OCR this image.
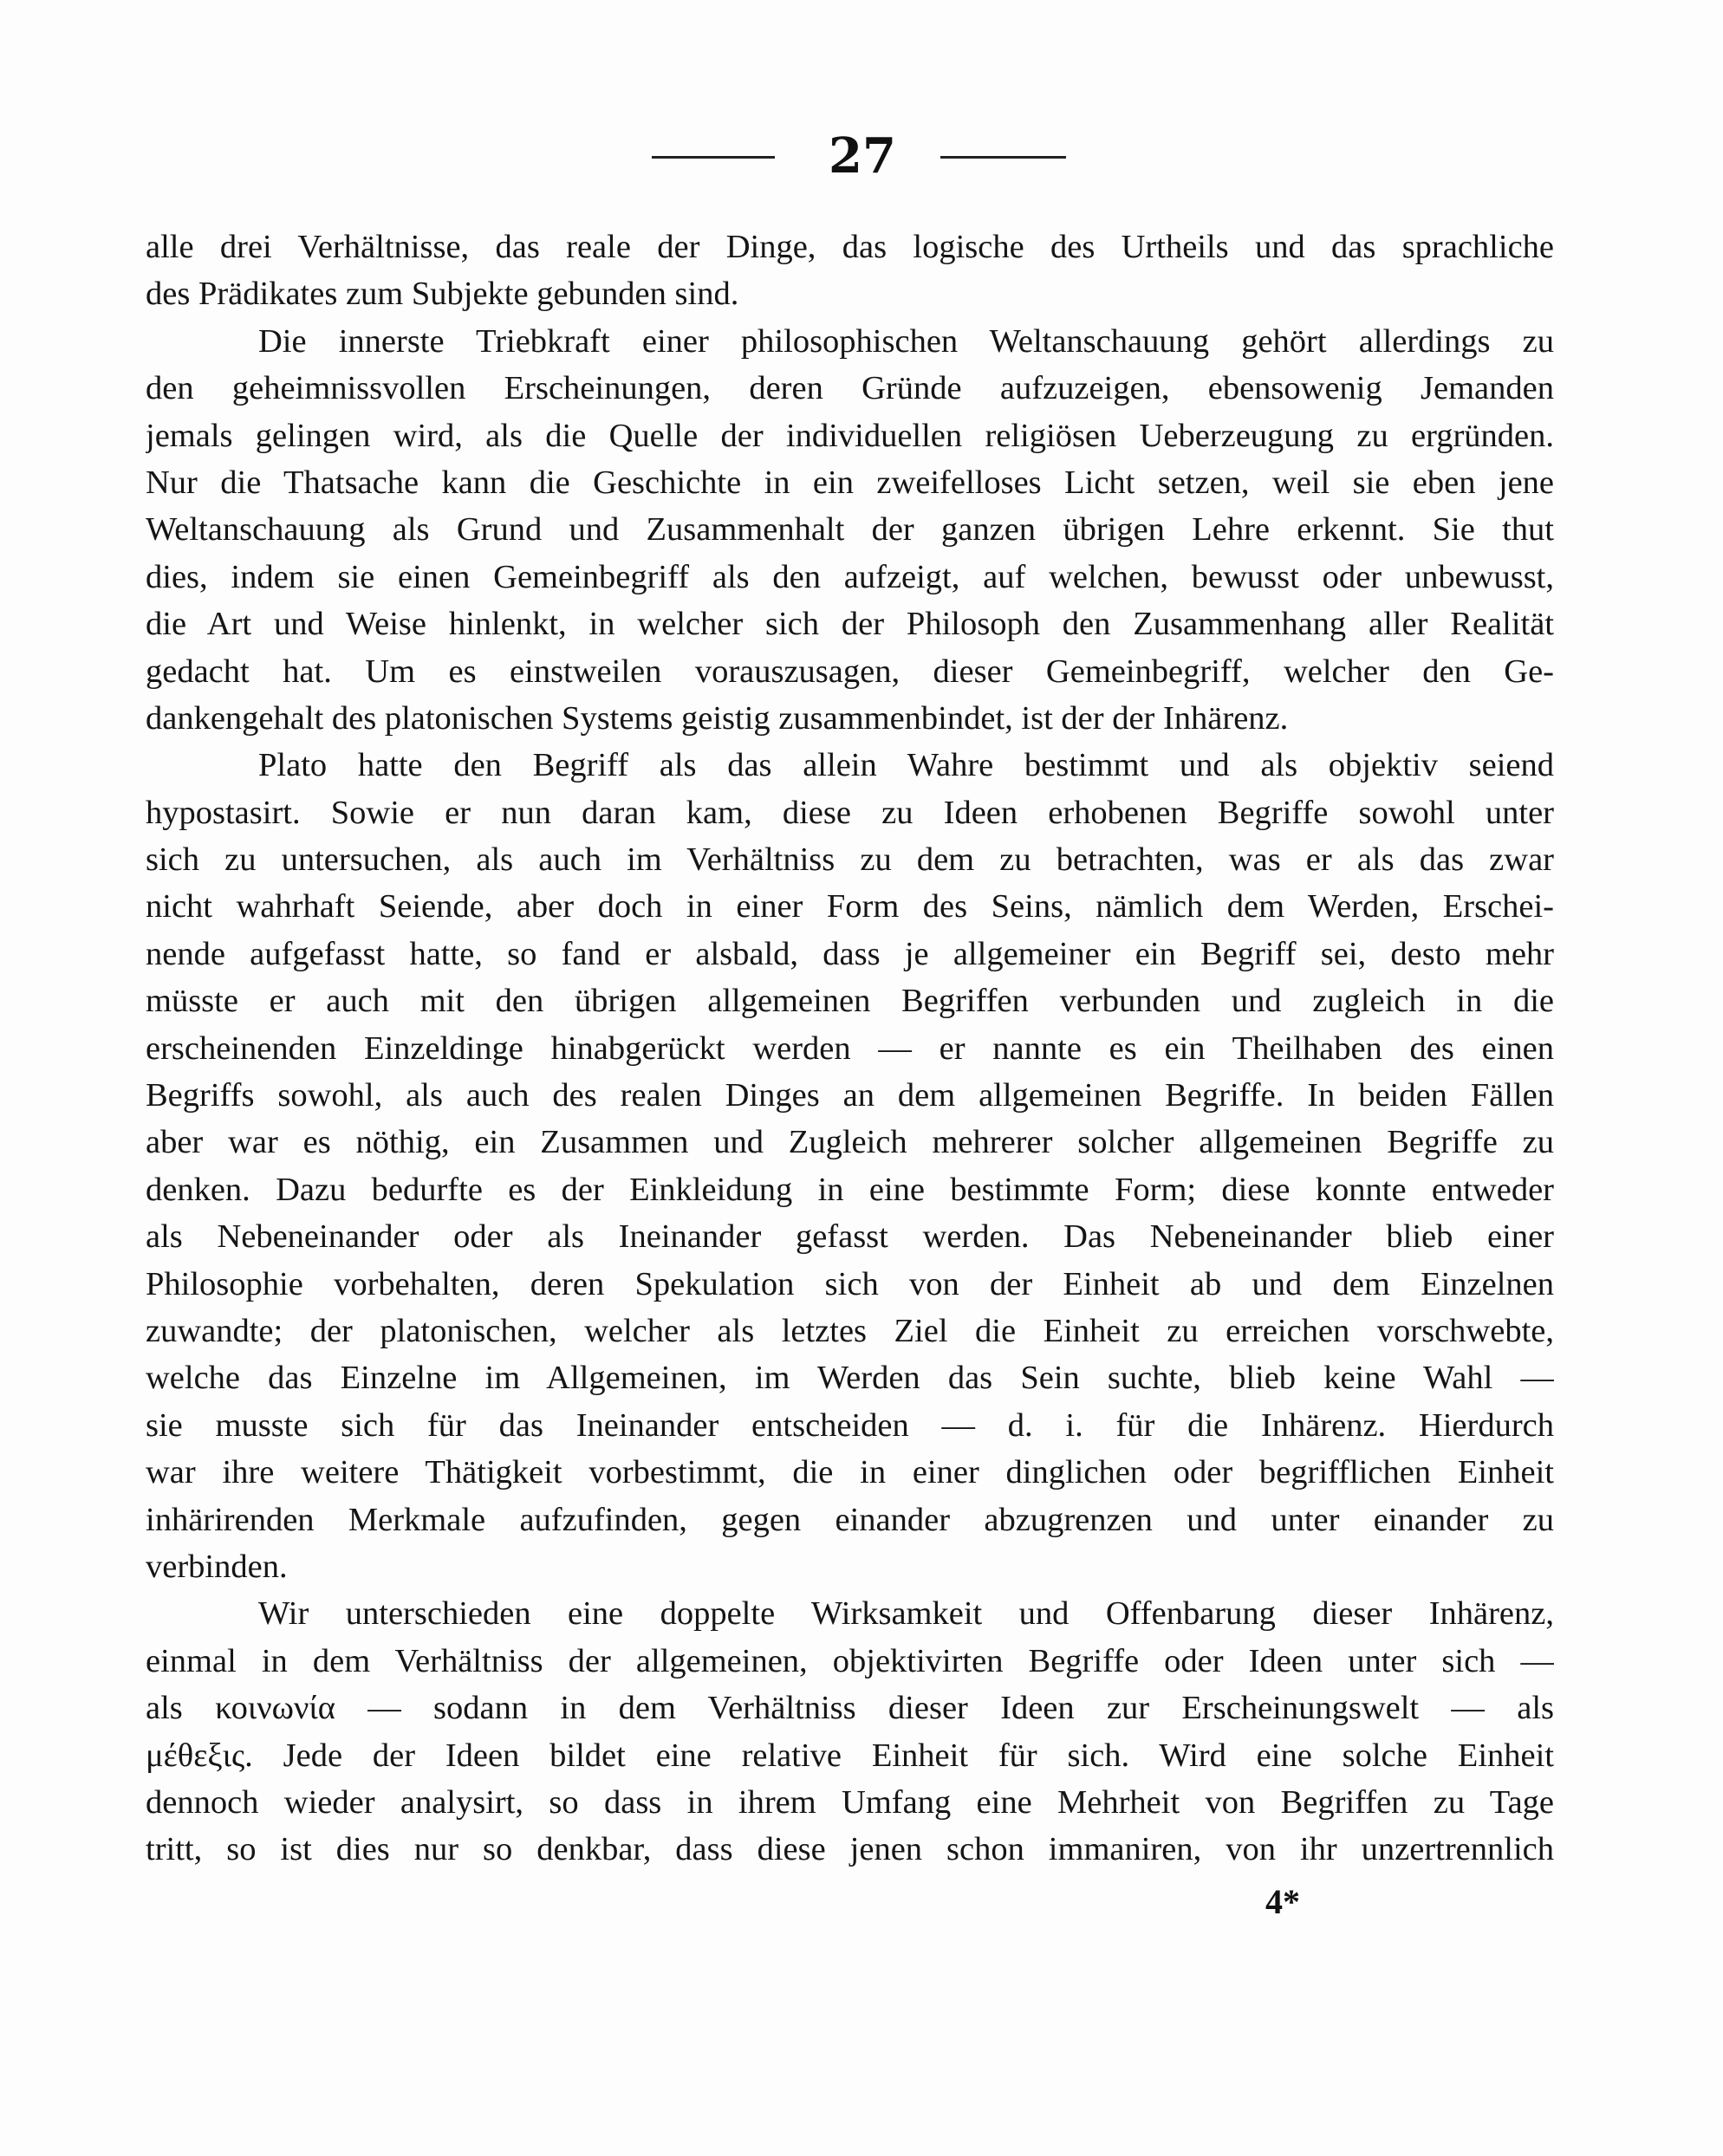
27
alle drei Verhältnisse, das reale der Dinge, das logische des Urtheils und das sprachliche
des Prädikates zum Subjekte gebunden sind.
Die innerste Triebkraft einer philosophischen Weltanschauung gehört allerdings zu
den geheimnissvollen Erscheinungen, deren Gründe aufzuzeigen, ebensowenig Jemanden
jemals gelingen wird, als die Quelle der individuellen religiösen Ueberzeugung zu ergründen.
Nur die Thatsache kann die Geschichte in ein zweifelloses Licht setzen, weil sie eben jene
Weltanschauung als Grund und Zusammenhalt der ganzen übrigen Lehre erkennt. Sie thut
dies, indem sie einen Gemeinbegriff als den aufzeigt, auf welchen, bewusst oder unbewusst,
die Art und Weise hinlenkt, in welcher sich der Philosoph den Zusammenhang aller Realität
gedacht hat. Um es einstweilen vorauszusagen, dieser Gemeinbegriff, welcher den Ge-
dankengehalt des platonischen Systems geistig zusammenbindet, ist der der Inhärenz.
Plato hatte den Begriff als das allein Wahre bestimmt und als objektiv seiend
hypostasirt. Sowie er nun daran kam, diese zu Ideen erhobenen Begriffe sowohl unter
sich zu untersuchen, als auch im Verhältniss zu dem zu betrachten, was er als das zwar
nicht wahrhaft Seiende, aber doch in einer Form des Seins, nämlich dem Werden, Erschei-
nende aufgefasst hatte, so fand er alsbald, dass je allgemeiner ein Begriff sei, desto mehr
müsste er auch mit den übrigen allgemeinen Begriffen verbunden und zugleich in die
erscheinenden Einzeldinge hinabgerückt werden — er nannte es ein Theilhaben des einen
Begriffs sowohl, als auch des realen Dinges an dem allgemeinen Begriffe. In beiden Fällen
aber war es nöthig, ein Zusammen und Zugleich mehrerer solcher allgemeinen Begriffe zu
denken. Dazu bedurfte es der Einkleidung in eine bestimmte Form; diese konnte entweder
als Nebeneinander oder als Ineinander gefasst werden. Das Nebeneinander blieb einer
Philosophie vorbehalten, deren Spekulation sich von der Einheit ab und dem Einzelnen
zuwandte; der platonischen, welcher als letztes Ziel die Einheit zu erreichen vorschwebte,
welche das Einzelne im Allgemeinen, im Werden das Sein suchte, blieb keine Wahl —
sie musste sich für das Ineinander entscheiden — d. i. für die Inhärenz. Hierdurch
war ihre weitere Thätigkeit vorbestimmt, die in einer dinglichen oder begrifflichen Einheit
inhärirenden Merkmale aufzufinden, gegen einander abzugrenzen und unter einander zu
verbinden.
Wir unterschieden eine doppelte Wirksamkeit und Offenbarung dieser Inhärenz,
einmal in dem Verhältniss der allgemeinen, objektivirten Begriffe oder Ideen unter sich —
als κοινωνία — sodann in dem Verhältniss dieser Ideen zur Erscheinungswelt — als
μέθεξις. Jede der Ideen bildet eine relative Einheit für sich. Wird eine solche Einheit
dennoch wieder analysirt, so dass in ihrem Umfang eine Mehrheit von Begriffen zu Tage
tritt, so ist dies nur so denkbar, dass diese jenen schon immaniren, von ihr unzertrennlich
4*
